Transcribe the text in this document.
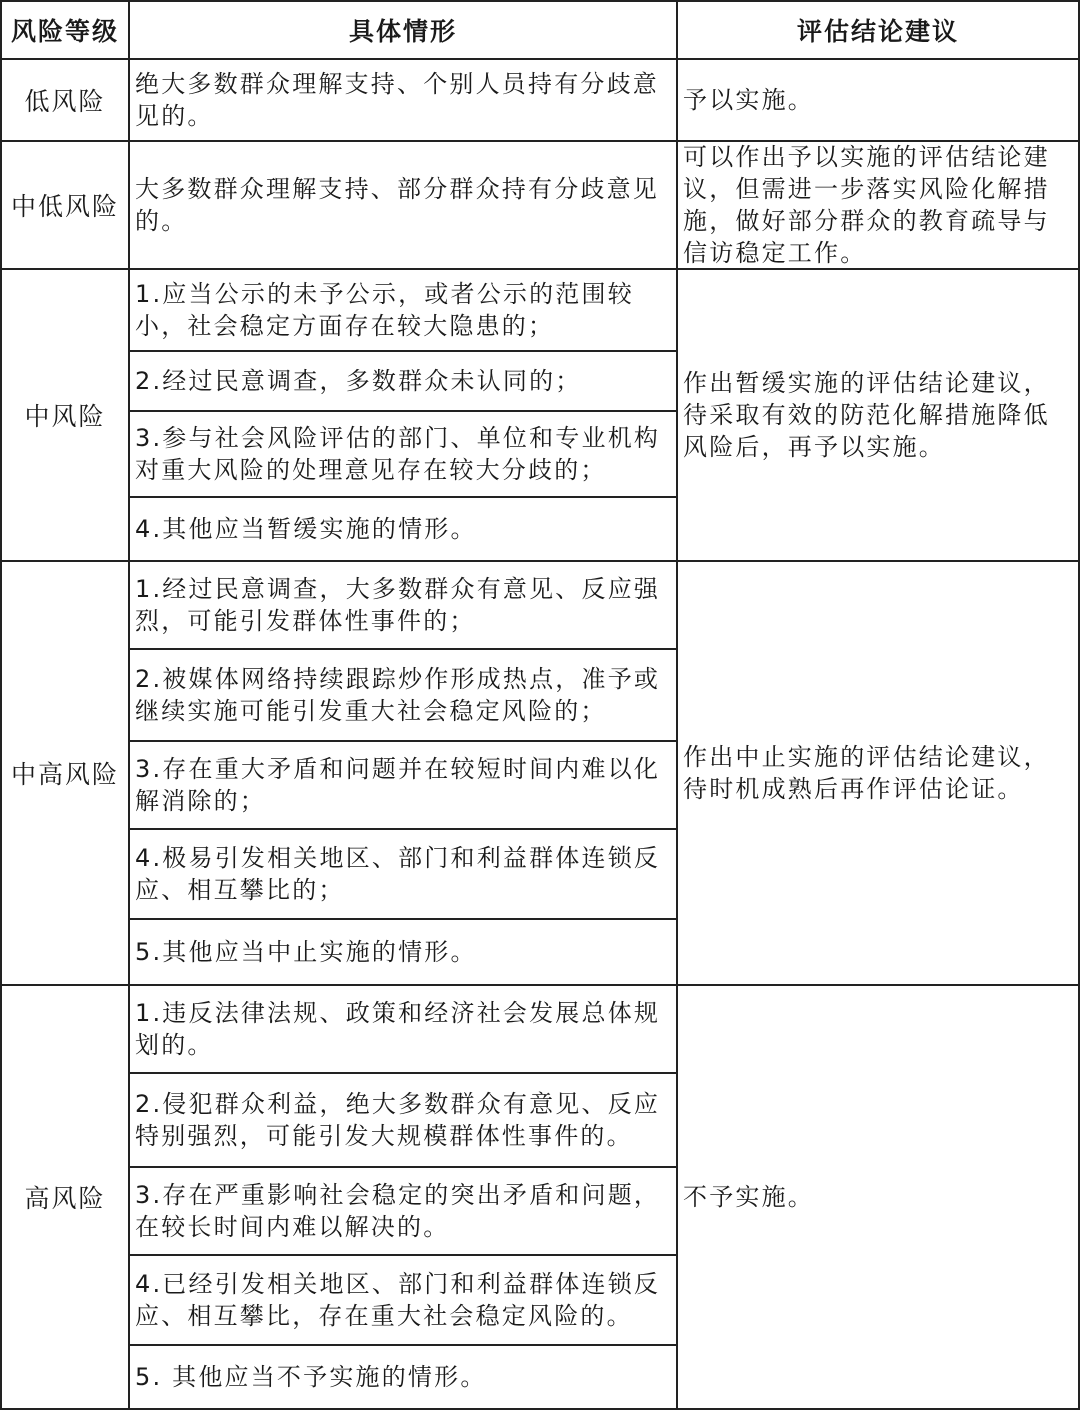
风险等级	具体情形	评估结论建议
低风险
绝大多数群众理解支持、个别人员持有分歧意见的。
予以实施。
中低风险
大多数群众理解支持、部分群众持有分歧意见的。
可以作出予以实施的评估结论建议，但需进一步落实风险化解措施，做好部分群众的教育疏导与信访稳定工作。
中风险
1.应当公示的未予公示，或者公示的范围较小，社会稳定方面存在较大隐患的；
2.经过民意调查，多数群众未认同的；
3.参与社会风险评估的部门、单位和专业机构对重大风险的处理意见存在较大分歧的；
4.其他应当暂缓实施的情形。
作出暂缓实施的评估结论建议，待采取有效的防范化解措施降低风险后，再予以实施。
中高风险
1.经过民意调查，大多数群众有意见、反应强烈，可能引发群体性事件的；
2.被媒体网络持续跟踪炒作形成热点，准予或继续实施可能引发重大社会稳定风险的；
3.存在重大矛盾和问题并在较短时间内难以化解消除的；
4.极易引发相关地区、部门和利益群体连锁反应、相互攀比的；
5.其他应当中止实施的情形。
作出中止实施的评估结论建议，待时机成熟后再作评估论证。
高风险
1.违反法律法规、政策和经济社会发展总体规划的。
2.侵犯群众利益，绝大多数群众有意见、反应特别强烈，可能引发大规模群体性事件的。
3.存在严重影响社会稳定的突出矛盾和问题，在较长时间内难以解决的。
4.已经引发相关地区、部门和利益群体连锁反应、相互攀比，存在重大社会稳定风险的。
5. 其他应当不予实施的情形。
不予实施。
